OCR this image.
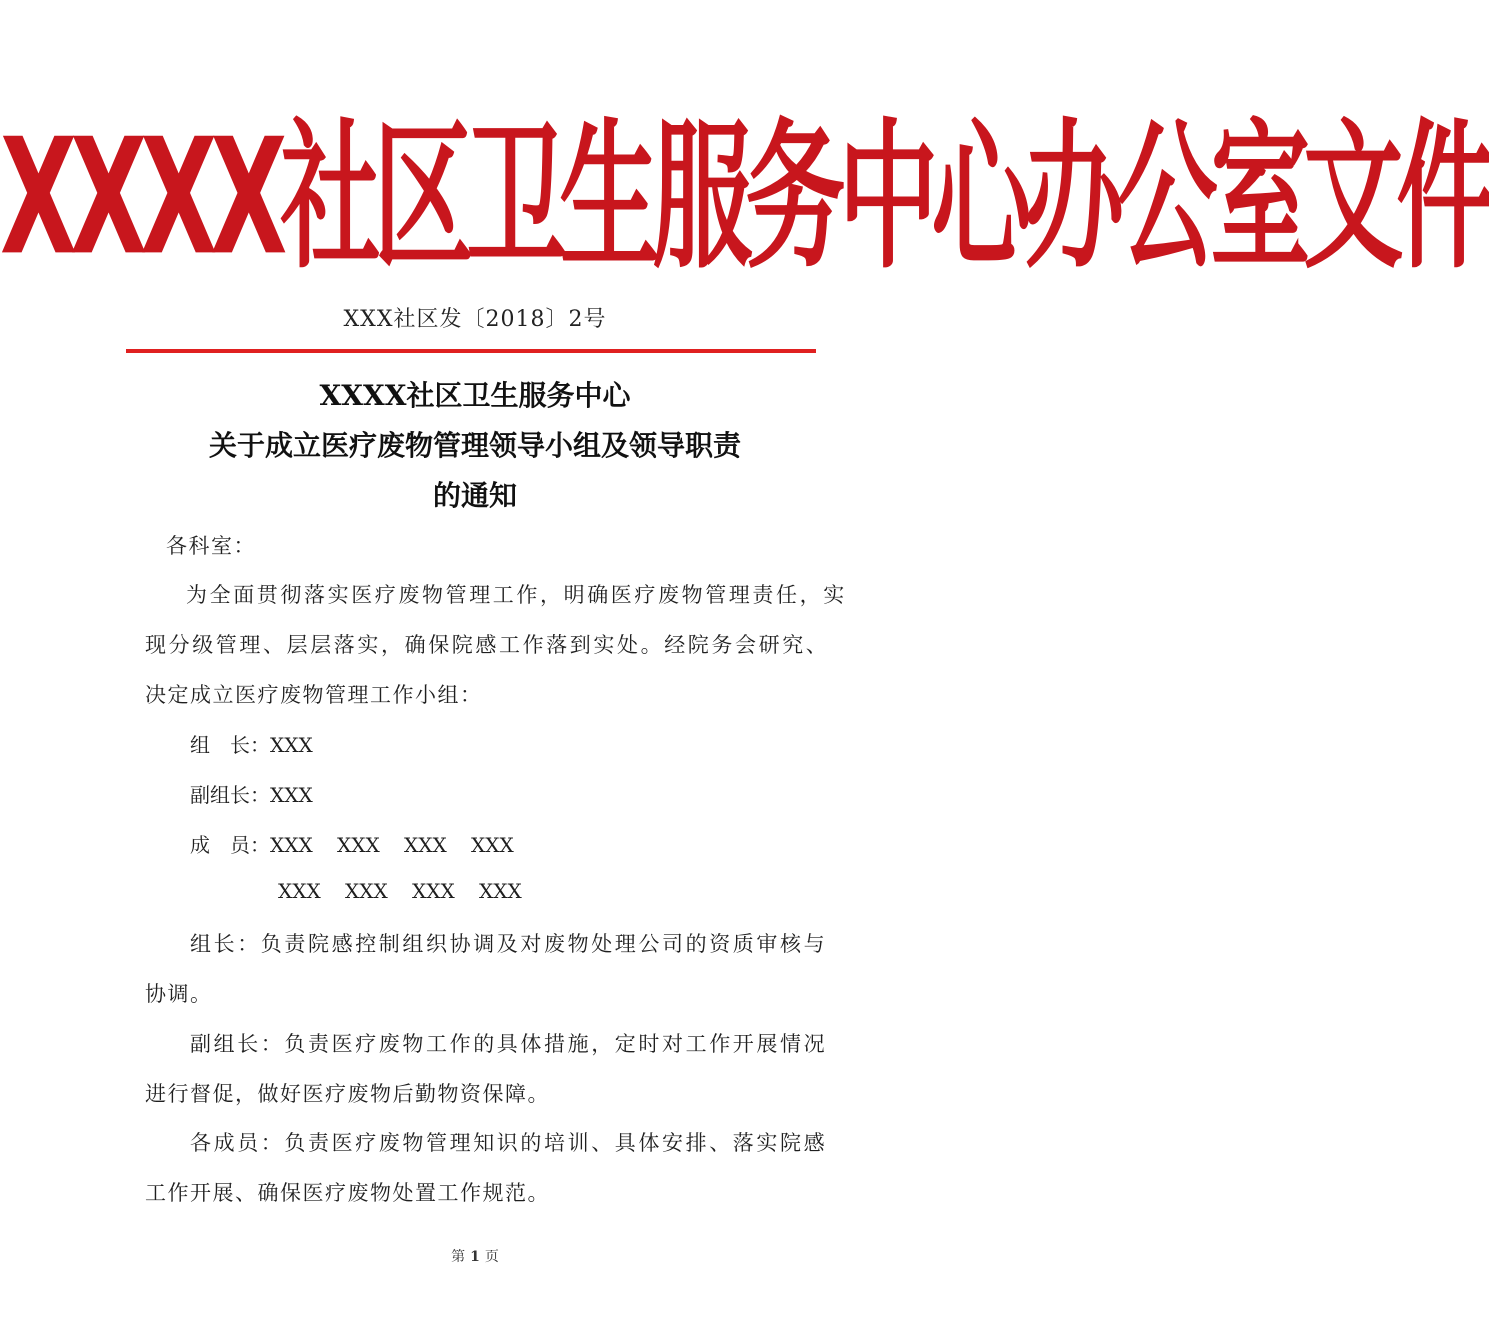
XXXX社区卫生服务中心办公室文件
XXX社区发〔2018〕2号
XXXX社区卫生服务中心
关于成立医疗废物管理领导小组及领导职责
的通知
各科室：
为全面贯彻落实医疗废物管理工作，明确医疗废物管理责任，实
现分级管理、层层落实，确保院感工作落到实处。经院务会研究、
决定成立医疗废物管理工作小组：
组　长：XXX
副组长：XXX
成　员：XXX XXX XXX XXX
XXX XXX XXX XXX
组长：负责院感控制组织协调及对废物处理公司的资质审核与
协调。
副组长：负责医疗废物工作的具体措施，定时对工作开展情况
进行督促，做好医疗废物后勤物资保障。
各成员：负责医疗废物管理知识的培训、具体安排、落实院感
工作开展、确保医疗废物处置工作规范。
第 1 页
